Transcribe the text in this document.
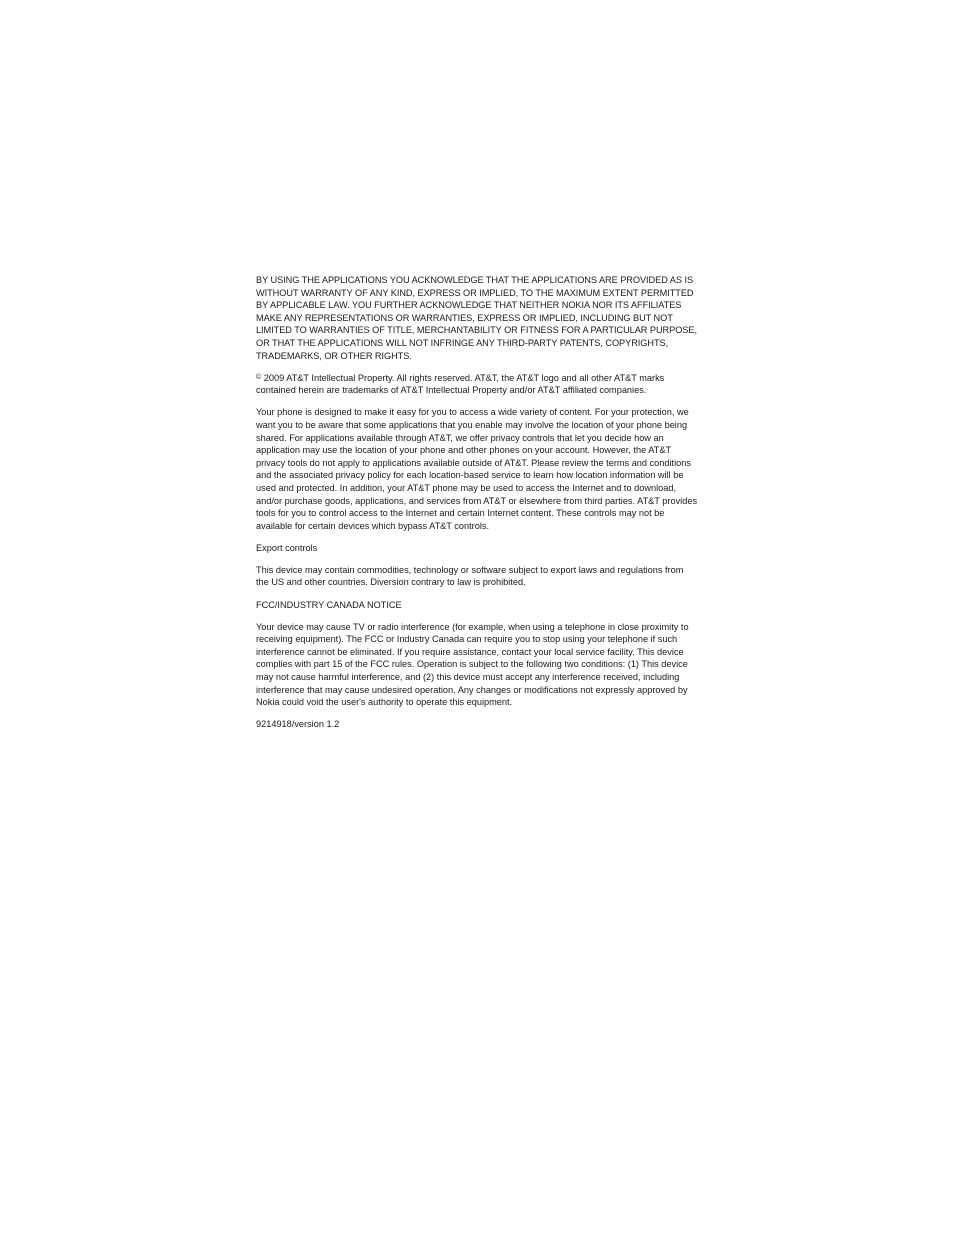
BY USING THE APPLICATIONS YOU ACKNOWLEDGE THAT THE APPLICATIONS ARE PROVIDED AS IS WITHOUT WARRANTY OF ANY KIND, EXPRESS OR IMPLIED, TO THE MAXIMUM EXTENT PERMITTED BY APPLICABLE LAW. YOU FURTHER ACKNOWLEDGE THAT NEITHER NOKIA NOR ITS AFFILIATES MAKE ANY REPRESENTATIONS OR WARRANTIES, EXPRESS OR IMPLIED, INCLUDING BUT NOT LIMITED TO WARRANTIES OF TITLE, MERCHANTABILITY OR FITNESS FOR A PARTICULAR PURPOSE, OR THAT THE APPLICATIONS WILL NOT INFRINGE ANY THIRD-PARTY PATENTS, COPYRIGHTS, TRADEMARKS, OR OTHER RIGHTS.

© 2009 AT&T Intellectual Property. All rights reserved. AT&T, the AT&T logo and all other AT&T marks contained herein are trademarks of AT&T Intellectual Property and/or AT&T affiliated companies.

Your phone is designed to make it easy for you to access a wide variety of content. For your protection, we want you to be aware that some applications that you enable may involve the location of your phone being shared. For applications available through AT&T, we offer privacy controls that let you decide how an application may use the location of your phone and other phones on your account. However, the AT&T privacy tools do not apply to applications available outside of AT&T. Please review the terms and conditions and the associated privacy policy for each location-based service to learn how location information will be used and protected. In addition, your AT&T phone may be used to access the Internet and to download, and/or purchase goods, applications, and services from AT&T or elsewhere from third parties. AT&T provides tools for you to control access to the Internet and certain Internet content. These controls may not be available for certain devices which bypass AT&T controls.

Export controls

This device may contain commodities, technology or software subject to export laws and regulations from the US and other countries. Diversion contrary to law is prohibited.

FCC/INDUSTRY CANADA NOTICE

Your device may cause TV or radio interference (for example, when using a telephone in close proximity to receiving equipment). The FCC or Industry Canada can require you to stop using your telephone if such interference cannot be eliminated. If you require assistance, contact your local service facility. This device complies with part 15 of the FCC rules. Operation is subject to the following two conditions: (1) This device may not cause harmful interference, and (2) this device must accept any interference received, including interference that may cause undesired operation. Any changes or modifications not expressly approved by Nokia could void the user's authority to operate this equipment.

9214918/version 1.2
